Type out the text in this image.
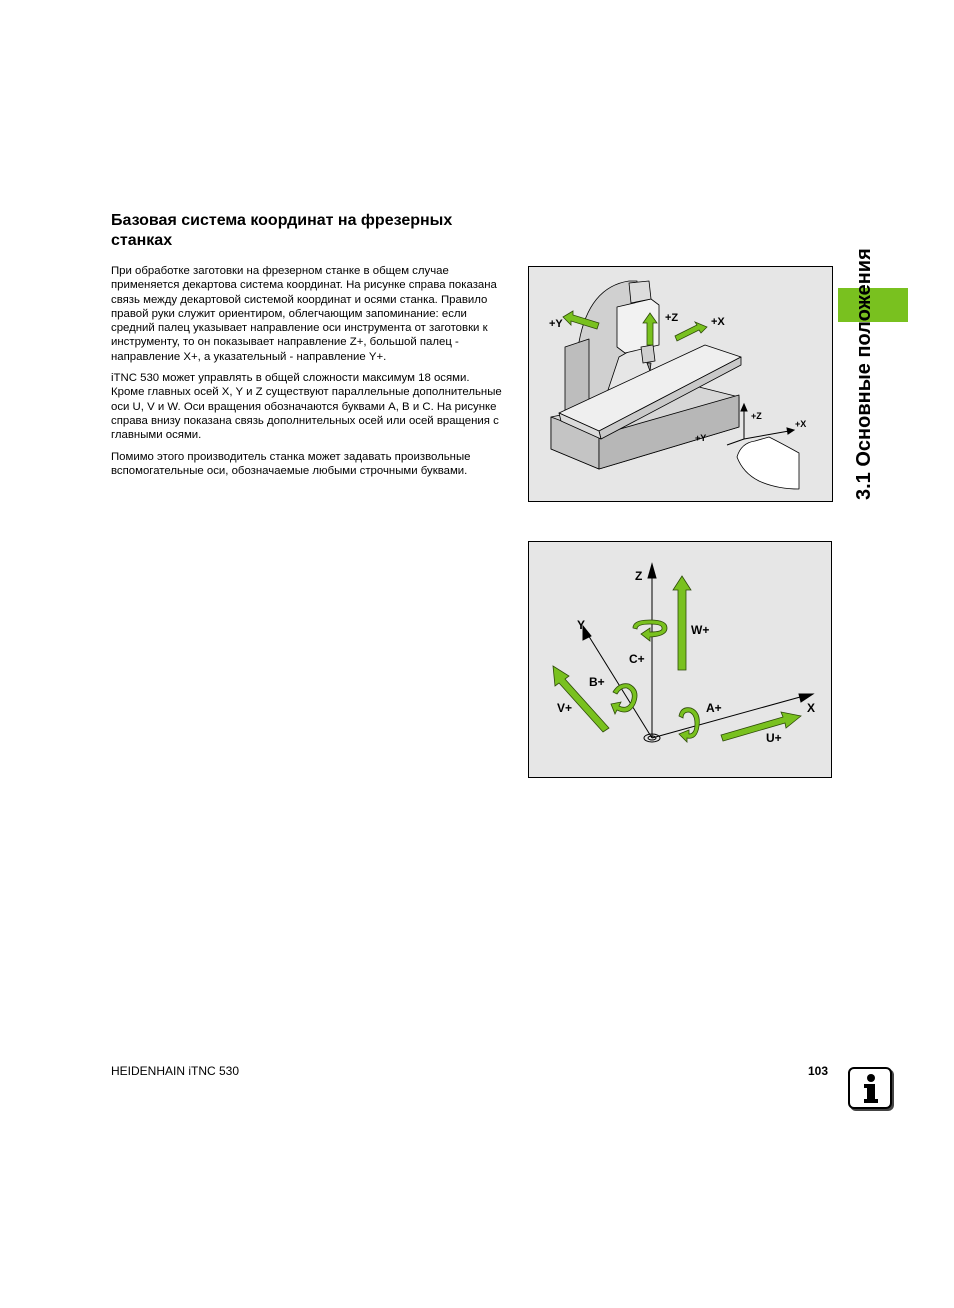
Базовая система координат на фрезерных станках

При обработке заготовки на фрезерном станке в общем случае применяется декартова система координат. На рисунке справа показана связь между декартовой системой координат и осями станка. Правило правой руки служит ориентиром, облегчающим запоминание: если средний палец указывает направление оси инструмента от заготовки к инструменту, то он показывает направление Z+, большой палец - направление X+, а указательный - направление Y+.

iTNC 530 может управлять в общей сложности максимум 18 осями. Кроме главных осей X, Y и Z существуют параллельные дополнительные оси U, V и W. Оси вращения обозначаются буквами A, B и C. На рисунке справа внизу показана связь дополнительных осей или осей вращения с главными осями.

Помимо этого производитель станка может задавать произвольные вспомогательные оси, обозначаемые любыми строчными буквами.

+Y	+Z	+X
+Z
+X
+Y
Z
Y
X
W+
C+
B+
V+	A+
U+
3.1 Основные положения
HEIDENHAIN iTNC 530	103
